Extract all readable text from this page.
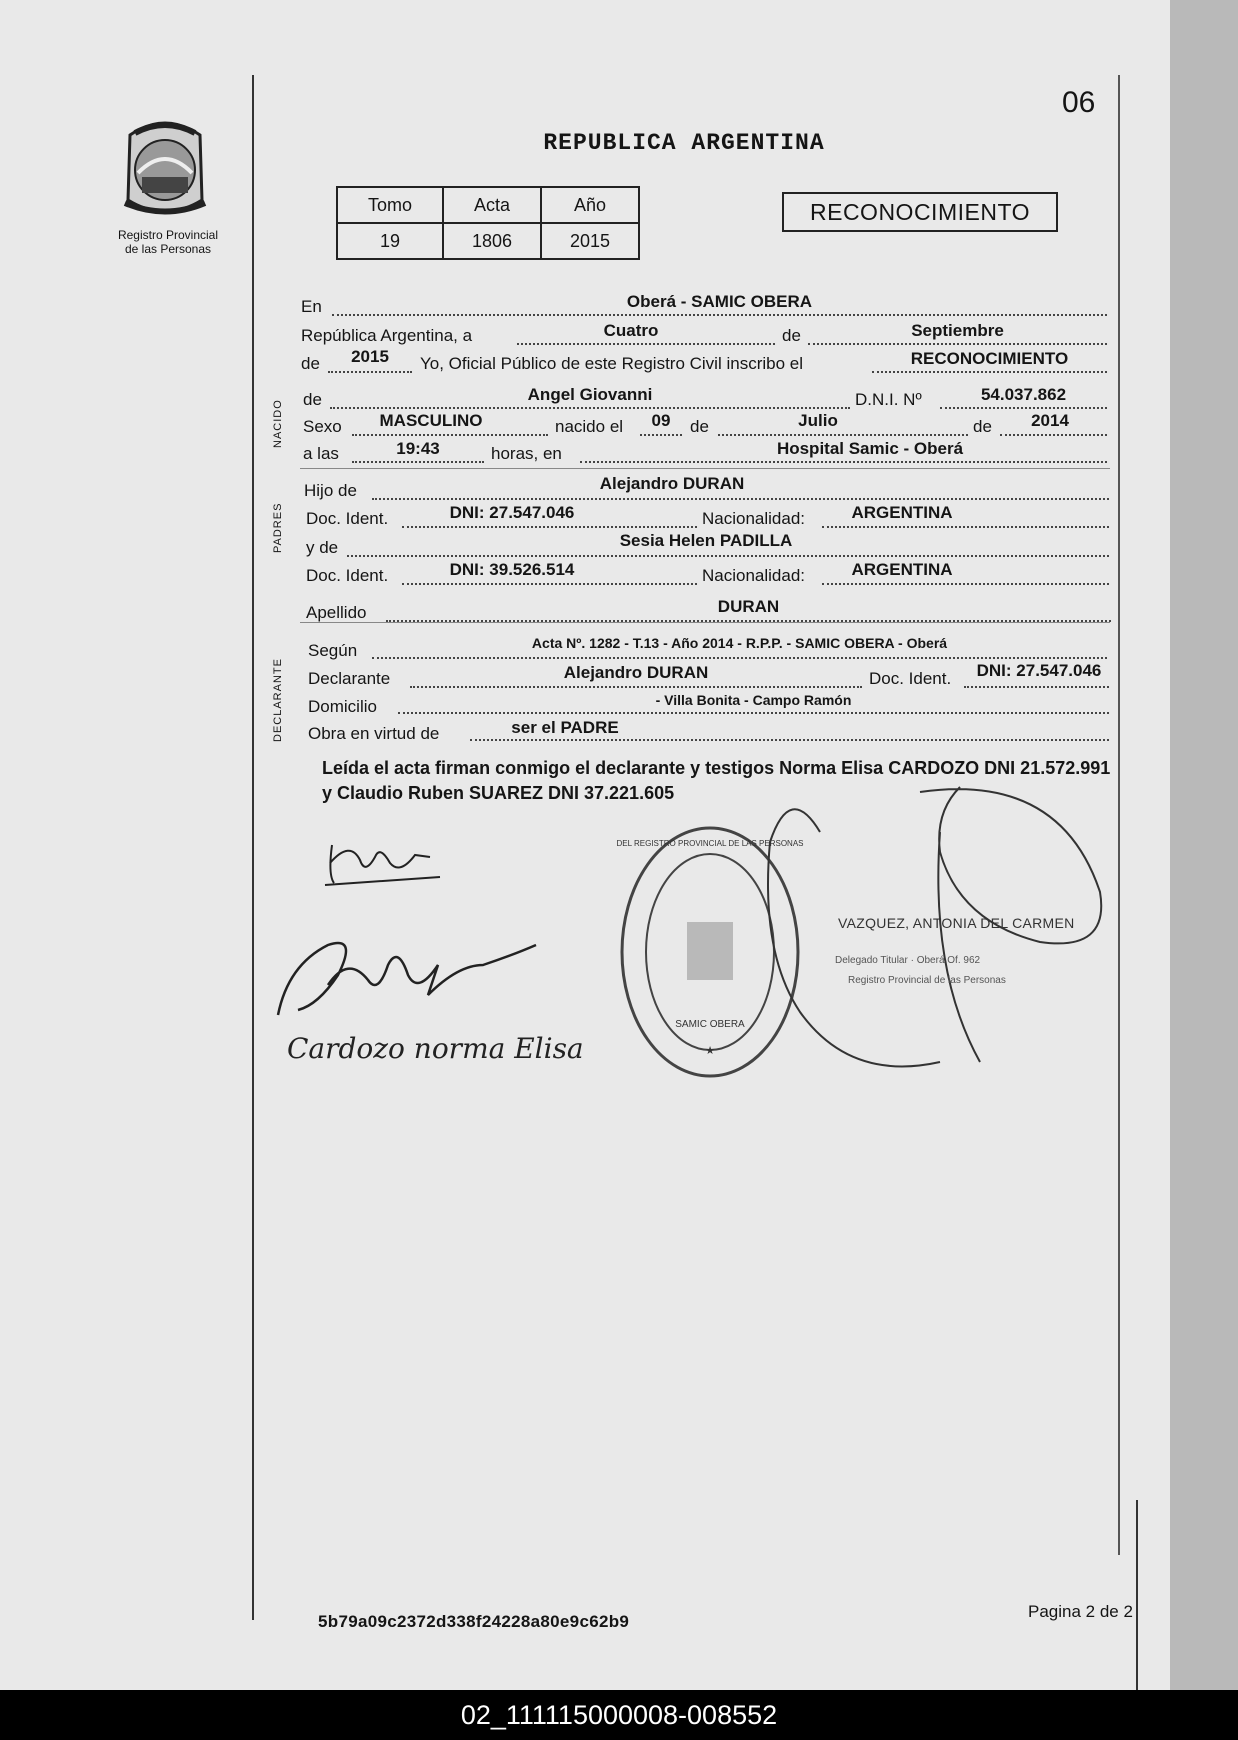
06
Registro Provincial
de las Personas
REPUBLICA ARGENTINA
Tomo	Acta	Año
19	1806	2015
RECONOCIMIENTO
NACIDO
PADRES
DECLARANTE
En	Oberá - SAMIC OBERA
República Argentina, a	Cuatro	de	Septiembre
de	2015	Yo, Oficial Público de este Registro Civil inscribo el	RECONOCIMIENTO
de	Angel Giovanni	D.N.I. Nº	54.037.862
Sexo	MASCULINO	nacido el	09	de	Julio	de	2014
a las	19:43	horas, en	Hospital Samic - Oberá
Hijo de	Alejandro DURAN
Doc. Ident.	DNI: 27.547.046	Nacionalidad:	ARGENTINA
y de	Sesia Helen PADILLA
Doc. Ident.	DNI: 39.526.514	Nacionalidad:	ARGENTINA
Apellido	DURAN
Según	Acta Nº. 1282 - T.13 - Año 2014 - R.P.P. - SAMIC OBERA - Oberá
Declarante	Alejandro DURAN	Doc. Ident.	DNI: 27.547.046
Domicilio	- Villa Bonita - Campo Ramón
Obra en virtud de	ser el PADRE
Leída el acta firman conmigo el declarante y testigos Norma Elisa CARDOZO DNI 21.572.991 y Claudio Ruben SUAREZ DNI 37.221.605
Cardozo norma Elisa	★
SAMIC OBERA
DEL REGISTRO PROVINCIAL DE LAS PERSONAS
VAZQUEZ, ANTONIA DEL CARMEN
Delegado Titular · Oberá Of. 962
Registro Provincial de las Personas
5b79a09c2372d338f24228a80e9c62b9
Pagina 2 de 2
02_111115000008-008552
